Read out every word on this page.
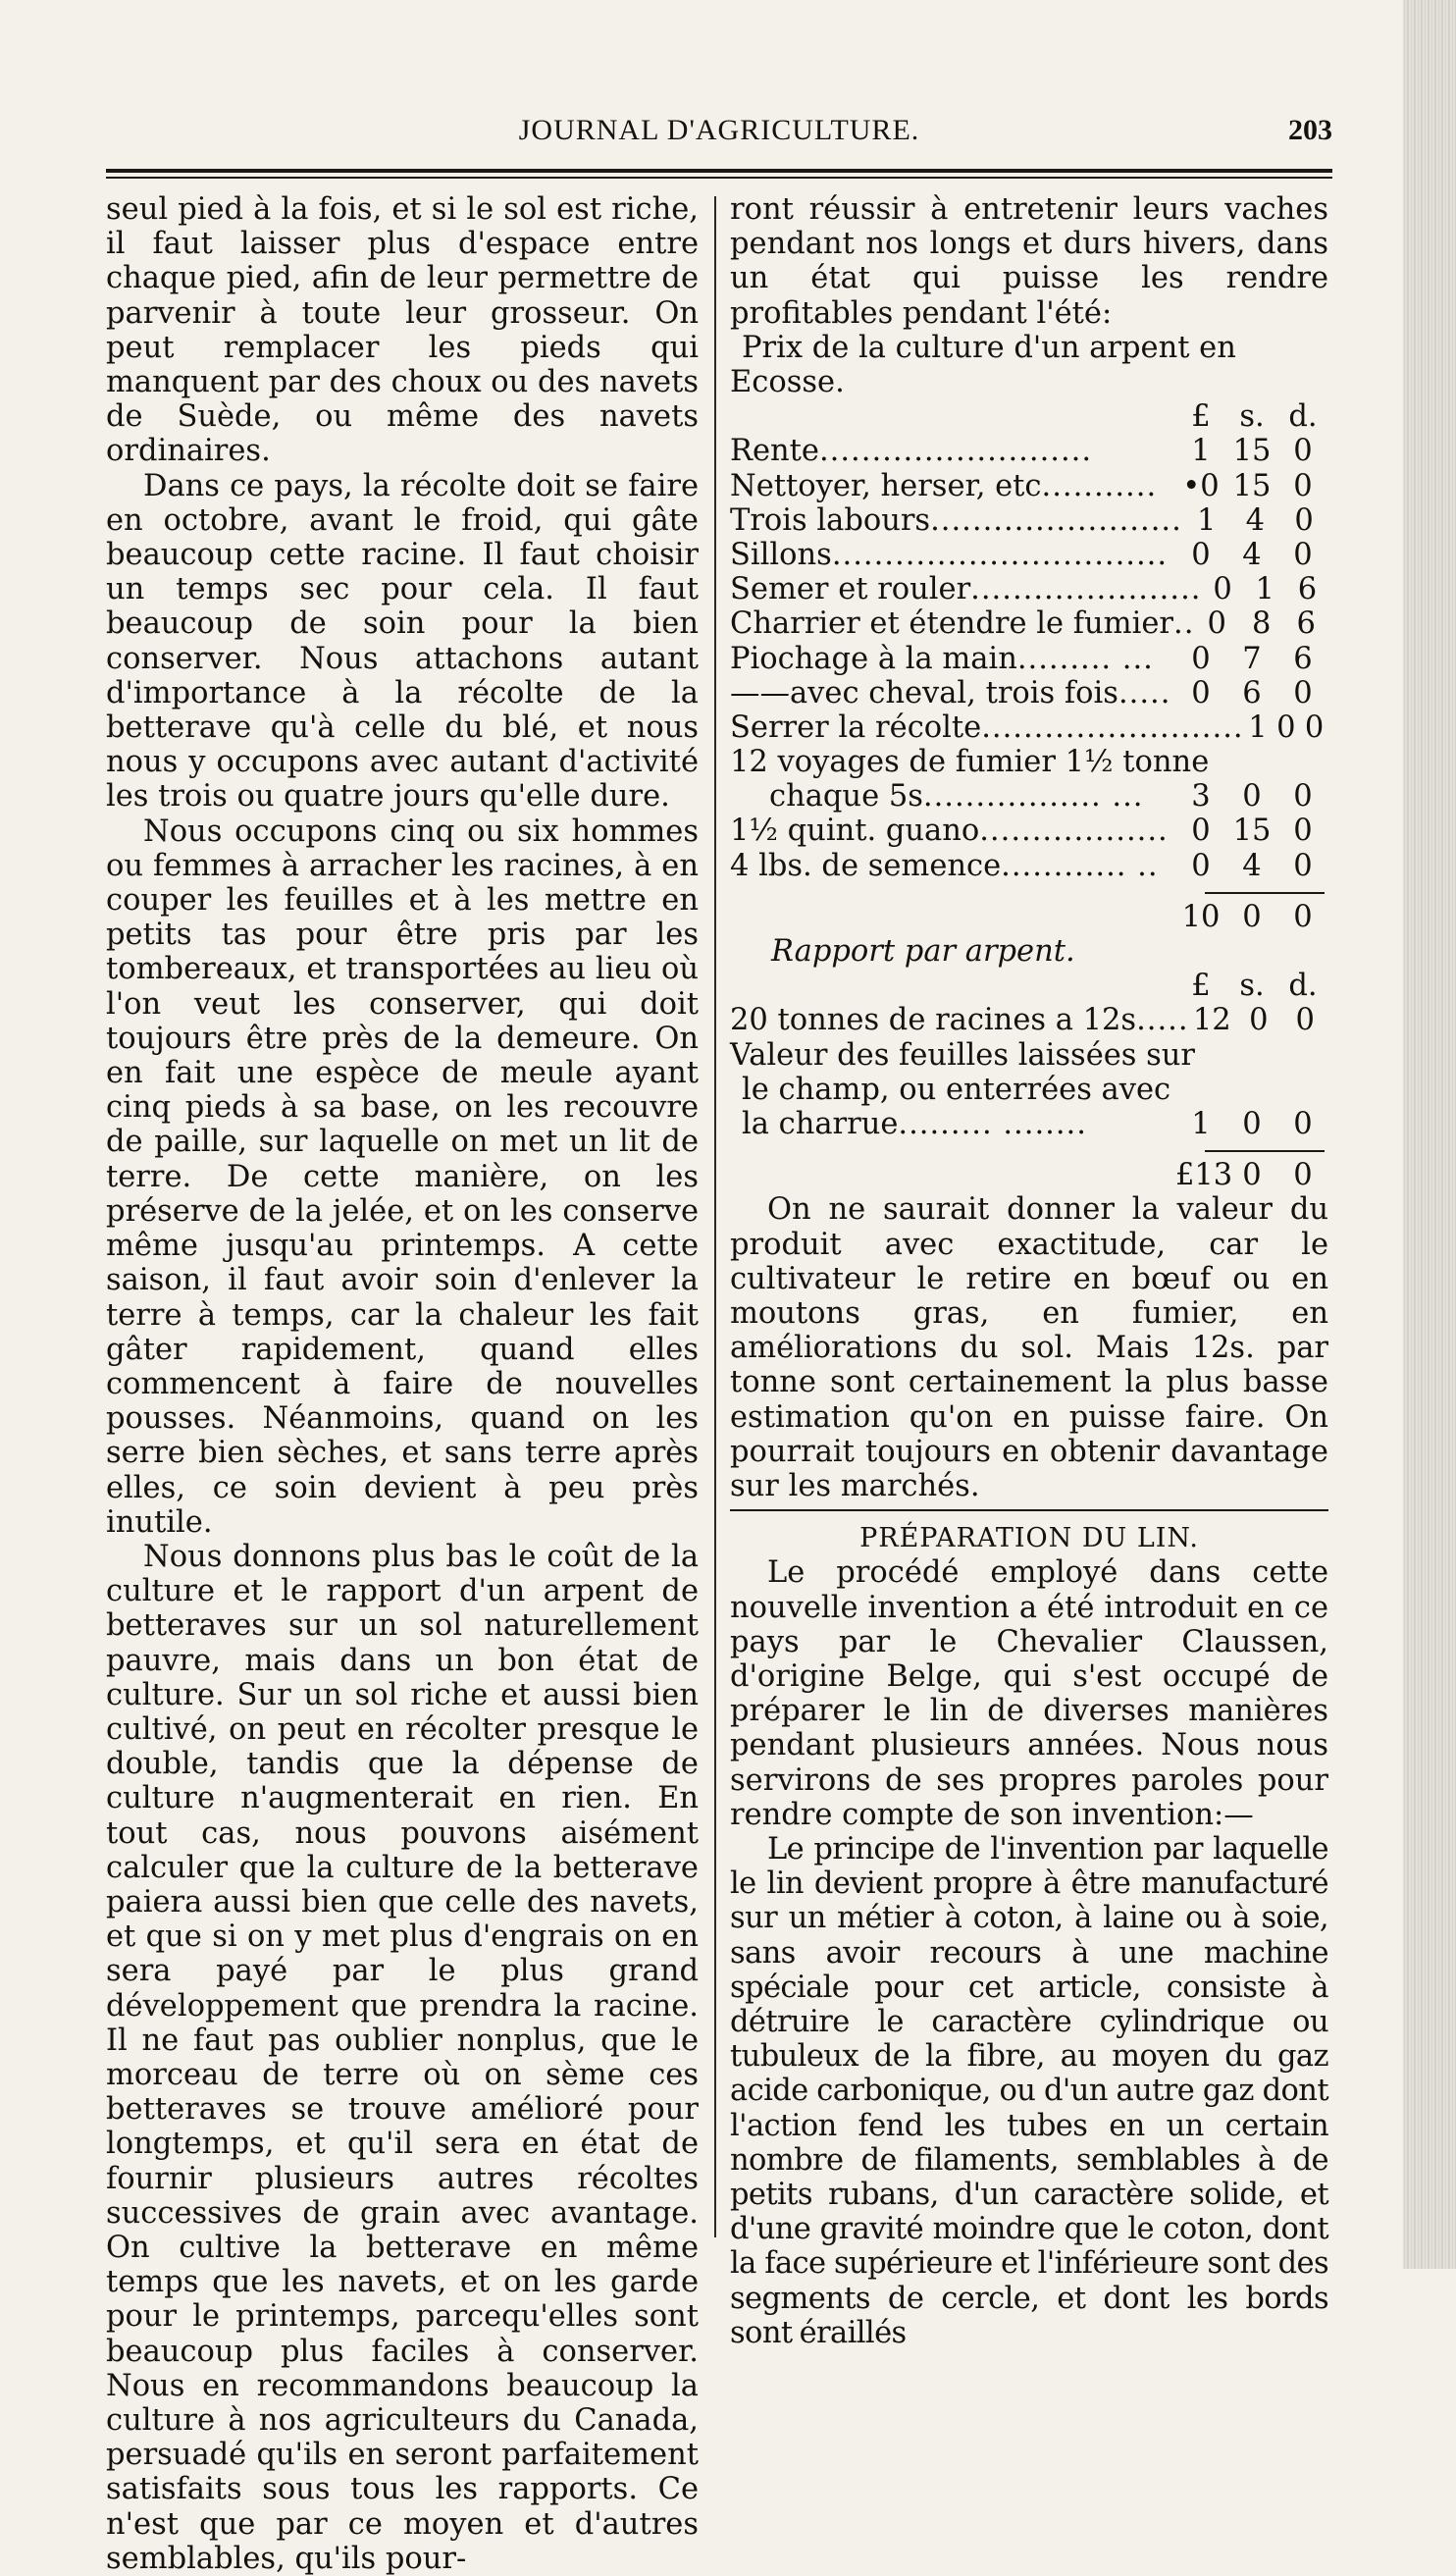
JOURNAL D'AGRICULTURE.	203

seul pied à la fois, et si le sol est riche, il faut laisser plus d'espace entre chaque pied, afin de leur permettre de parvenir à toute leur grosseur. On peut remplacer les pieds qui manquent par des choux ou des navets de Suède, ou même des navets ordinaires.

Dans ce pays, la récolte doit se faire en octobre, avant le froid, qui gâte beaucoup cette racine. Il faut choisir un temps sec pour cela. Il faut beaucoup de soin pour la bien conserver. Nous attachons autant d'importance à la récolte de la betterave qu'à celle du blé, et nous nous y occupons avec autant d'activité les trois ou quatre jours qu'elle dure.

Nous occupons cinq ou six hommes ou femmes à arracher les racines, à en couper les feuilles et à les mettre en petits tas pour être pris par les tombereaux, et transportées au lieu où l'on veut les conserver, qui doit toujours être près de la demeure. On en fait une espèce de meule ayant cinq pieds à sa base, on les recouvre de paille, sur laquelle on met un lit de terre. De cette manière, on les préserve de la jelée, et on les conserve même jusqu'au printemps. A cette saison, il faut avoir soin d'enlever la terre à temps, car la chaleur les fait gâter rapidement, quand elles commencent à faire de nouvelles pousses. Néanmoins, quand on les serre bien sèches, et sans terre après elles, ce soin devient à peu près inutile.

Nous donnons plus bas le coût de la culture et le rapport d'un arpent de betteraves sur un sol naturellement pauvre, mais dans un bon état de culture. Sur un sol riche et aussi bien cultivé, on peut en récolter presque le double, tandis que la dépense de culture n'augmenterait en rien. En tout cas, nous pouvons aisément calculer que la culture de la betterave paiera aussi bien que celle des navets, et que si on y met plus d'engrais on en sera payé par le plus grand développement que prendra la racine. Il ne faut pas oublier nonplus, que le morceau de terre où on sème ces betteraves se trouve amélioré pour longtemps, et qu'il sera en état de fournir plusieurs autres récoltes successives de grain avec avantage. On cultive la betterave en même temps que les navets, et on les garde pour le printemps, parcequ'elles sont beaucoup plus faciles à conserver. Nous en recommandons beaucoup la culture à nos agriculteurs du Canada, persuadé qu'ils en seront parfaitement satisfaits sous tous les rapports. Ce n'est que par ce moyen et d'autres semblables, qu'ils pour-

ront réussir à entretenir leurs vaches pendant nos longs et durs hivers, dans un état qui puisse les rendre profitables pendant l'été:

Prix de la culture d'un arpent en Ecosse.
£ s. d.
Rente..........................	1 15 0
Nettoyer, herser, etc........... •0 15 0
Trois labours........................ 1 4 0
Sillons................................ 0	4	0
Semer et rouler...................... 0 1 6
Charrier et étendre le fumier.. 0 8 6
Piochage à la main......... ...	0	7	6
——avec cheval, trois fois..... 0	6	0
Serrer la récolte......................... 1 0 0
12 voyages de fumier 1½ tonne
chaque 5s................. ...	3	0	0
1½ quint. guano.................. 0 15 0
4 lbs. de semence............ ..	0	4	0
10 0	0
Rapport par arpent.
£ s. d.
20 tonnes de racines a 12s..... 12 0 0
Valeur des feuilles laissées sur
le champ, ou enterrées avec
la charrue......... ........	1	0	0
£13 0	0

On ne saurait donner la valeur du produit avec exactitude, car le cultivateur le retire en bœuf ou en moutons gras, en fumier, en améliorations du sol. Mais 12s. par tonne sont certainement la plus basse estimation qu'on en puisse faire. On pourrait toujours en obtenir davantage sur les marchés.

PRÉPARATION DU LIN.

Le procédé employé dans cette nouvelle invention a été introduit en ce pays par le Chevalier Claussen, d'origine Belge, qui s'est occupé de préparer le lin de diverses manières pendant plusieurs années. Nous nous servirons de ses propres paroles pour rendre compte de son invention:—

Le principe de l'invention par laquelle le lin devient propre à être manufacturé sur un métier à coton, à laine ou à soie, sans avoir recours à une machine spéciale pour cet article, consiste à détruire le caractère cylindrique ou tubuleux de la fibre, au moyen du gaz acide carbonique, ou d'un autre gaz dont l'action fend les tubes en un certain nombre de filaments, semblables à de petits rubans, d'un caractère solide, et d'une gravité moindre que le coton, dont la face supérieure et l'inférieure sont des segments de cercle, et dont les bords sont éraillés
